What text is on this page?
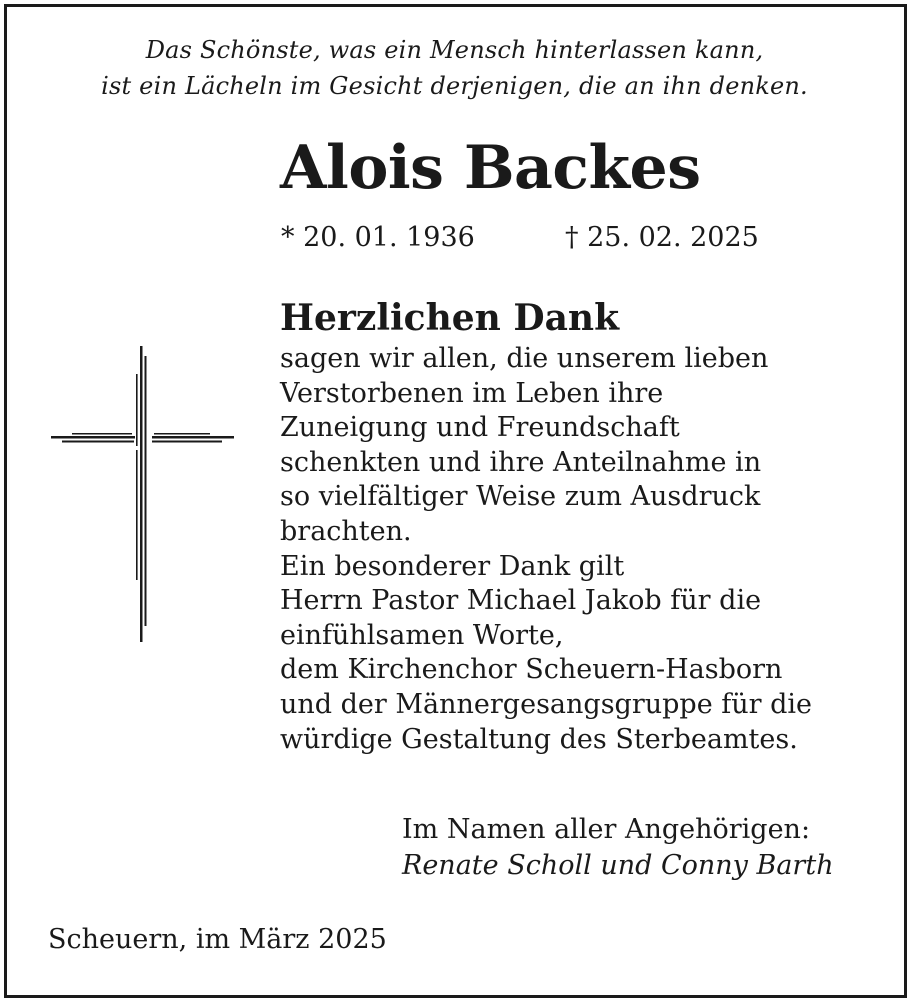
Das Schönste, was ein Mensch hinterlassen kann,
ist ein Lächeln im Gesicht derjenigen, die an ihn denken.
Alois Backes
* 20. 01. 1936	† 25. 02. 2025
Herzlichen Dank
sagen wir allen, die unserem lieben
Verstorbenen im Leben ihre
Zuneigung und Freundschaft
schenkten und ihre Anteilnahme in
so vielfältiger Weise zum Ausdruck
brachten.
Ein besonderer Dank gilt
Herrn Pastor Michael Jakob für die
einfühlsamen Worte,
dem Kirchenchor Scheuern-Hasborn
und der Männergesangsgruppe für die
würdige Gestaltung des Sterbeamtes.
Im Namen aller Angehörigen:
Renate Scholl und Conny Barth
Scheuern, im März 2025
